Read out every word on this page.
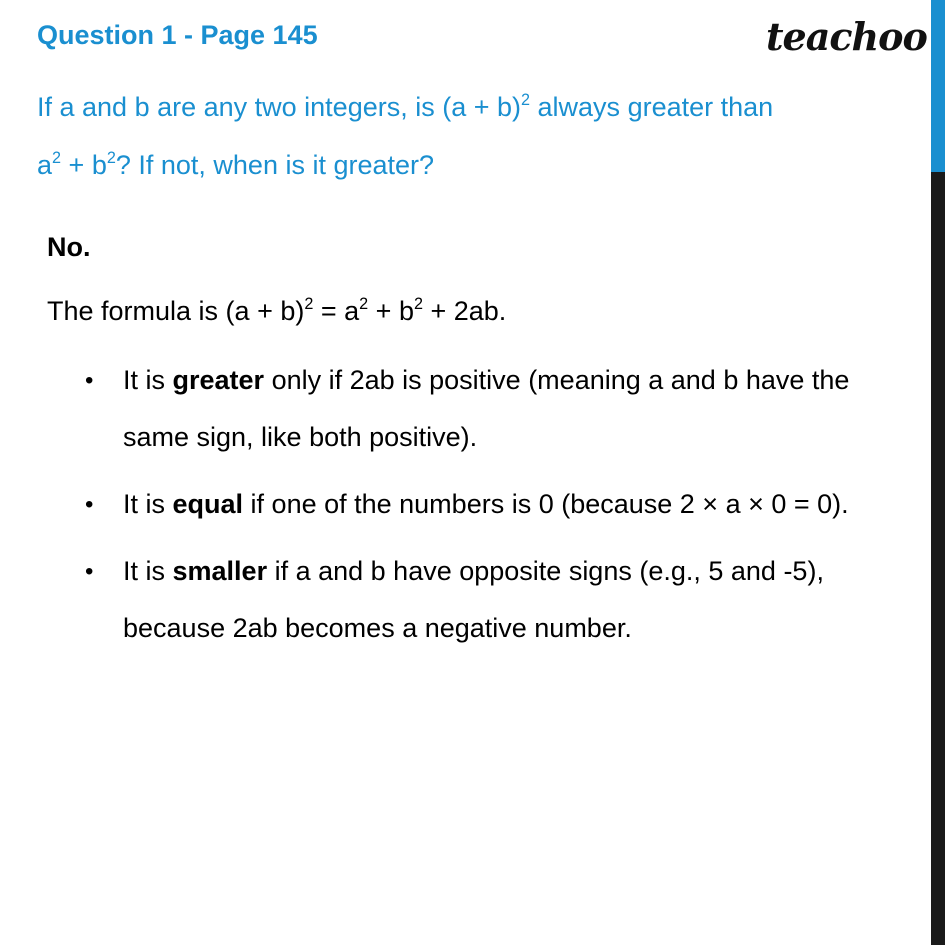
Question 1 - Page 145	teachoo
If a and b are any two integers, is $(a + b)^2$ always greater than
$a^2 + b^2$? If not, when is it greater?
No.
The formula is $(a + b)^2 = a^2 + b^2 + 2ab$.
• It is greater only if 2ab is positive (meaning a and b have the same sign, like both positive).
• It is equal if one of the numbers is 0 (because 2 × a × 0 = 0).
• It is smaller if a and b have opposite signs (e.g., 5 and -5), because 2ab becomes a negative number.
